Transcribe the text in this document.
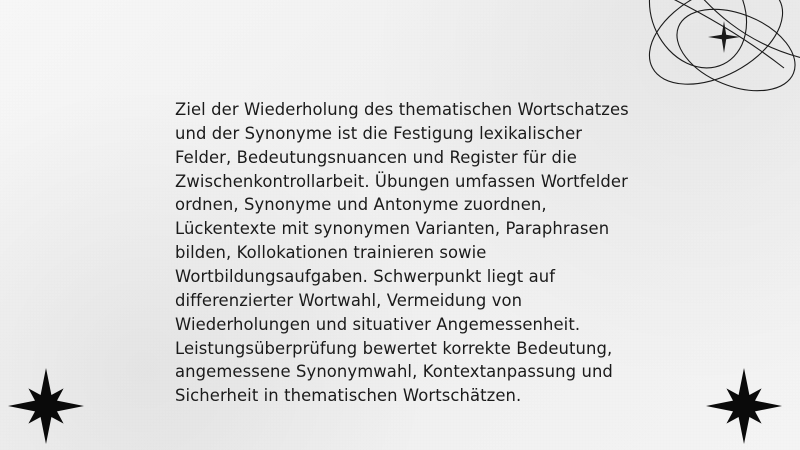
Ziel der Wiederholung des thematischen Wortschatzes und der Synonyme ist die Festigung lexikalischer Felder, Bedeutungsnuancen und Register für die Zwischenkontrollarbeit. Übungen umfassen Wortfelder ordnen, Synonyme und Antonyme zuordnen, Lückentexte mit synonymen Varianten, Paraphrasen bilden, Kollokationen trainieren sowie Wortbildungsaufgaben. Schwerpunkt liegt auf differenzierter Wortwahl, Vermeidung von Wiederholungen und situativer Angemessenheit. Leistungsüberprüfung bewertet korrekte Bedeutung, angemessene Synonymwahl, Kontextanpassung und Sicherheit in thematischen Wortschätzen.
